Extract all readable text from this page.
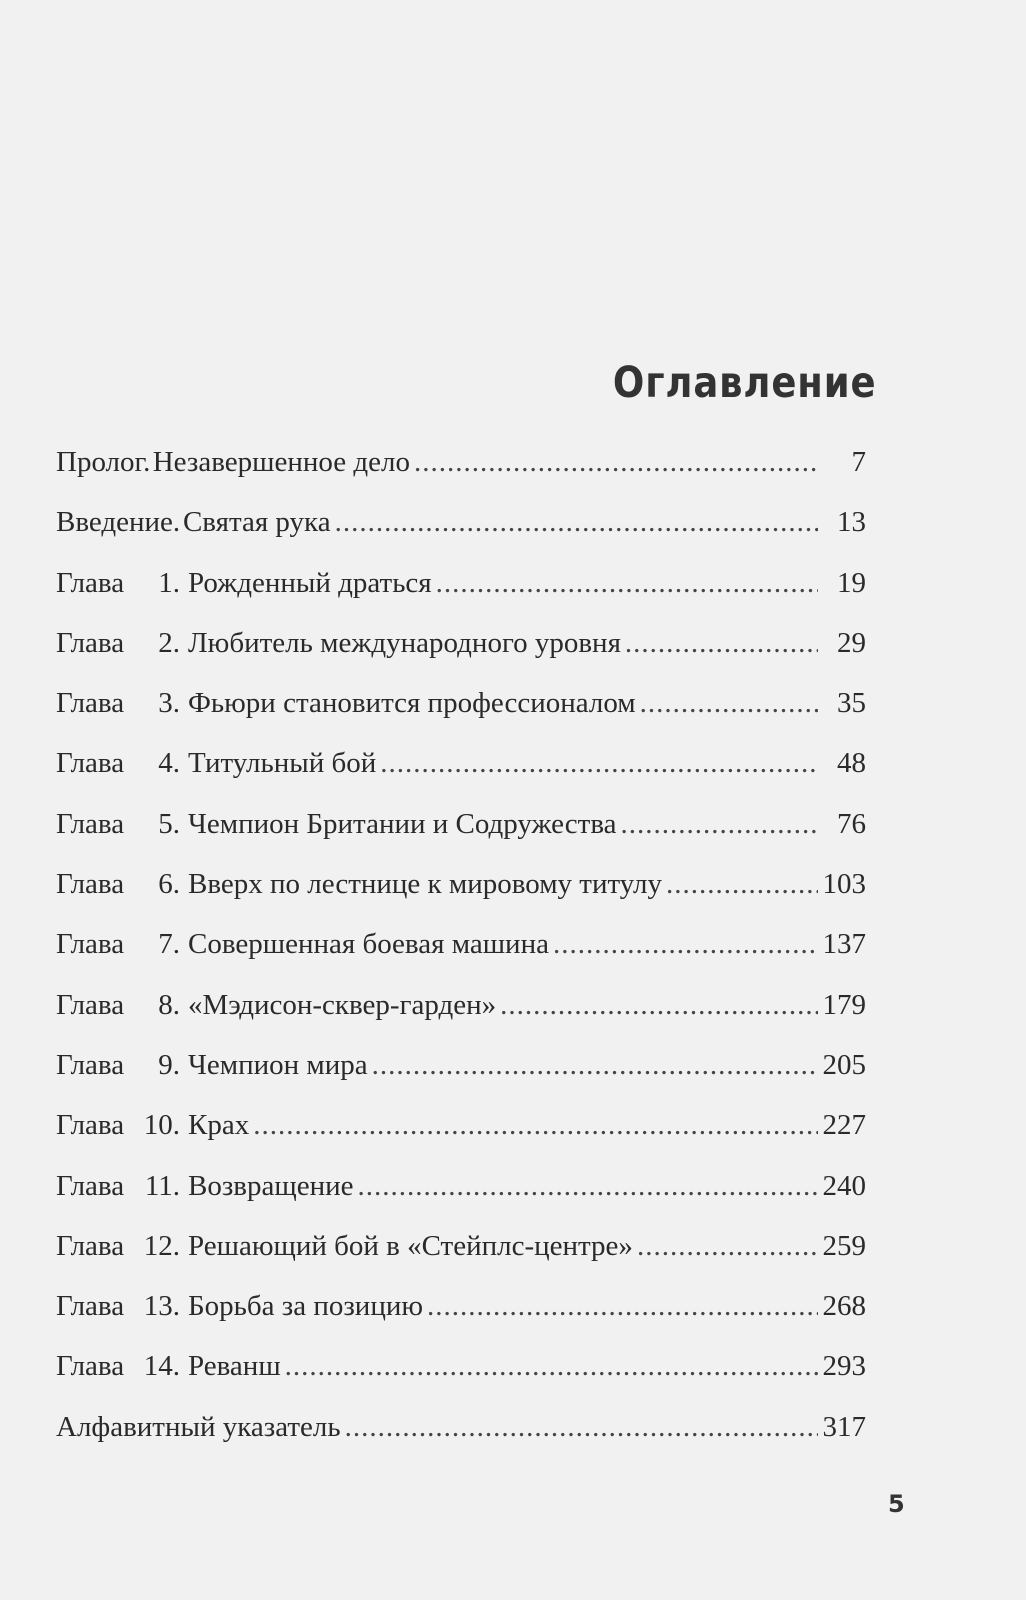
Оглавление
Пролог. Незавершенное дело .....	7
Введение. Святая рука .....	13
Глава 1. Рожденный драться .....	19
Глава 2. Любитель международного уровня .....	29
Глава 3. Фьюри становится профессионалом .....	35
Глава 4. Титульный бой .....	48
Глава 5. Чемпион Британии и Содружества .....	76
Глава 6. Вверх по лестнице к мировому титулу .....	103
Глава 7. Совершенная боевая машина .....	137
Глава 8. «Мэдисон-сквер-гарден» .....	179
Глава 9. Чемпион мира .....	205
Глава 10. Крах .....	227
Глава 11. Возвращение .....	240
Глава 12. Решающий бой в «Стейплс-центре» .....	259
Глава 13. Борьба за позицию .....	268
Глава 14. Реванш .....	293
Алфавитный указатель .....	317
5
